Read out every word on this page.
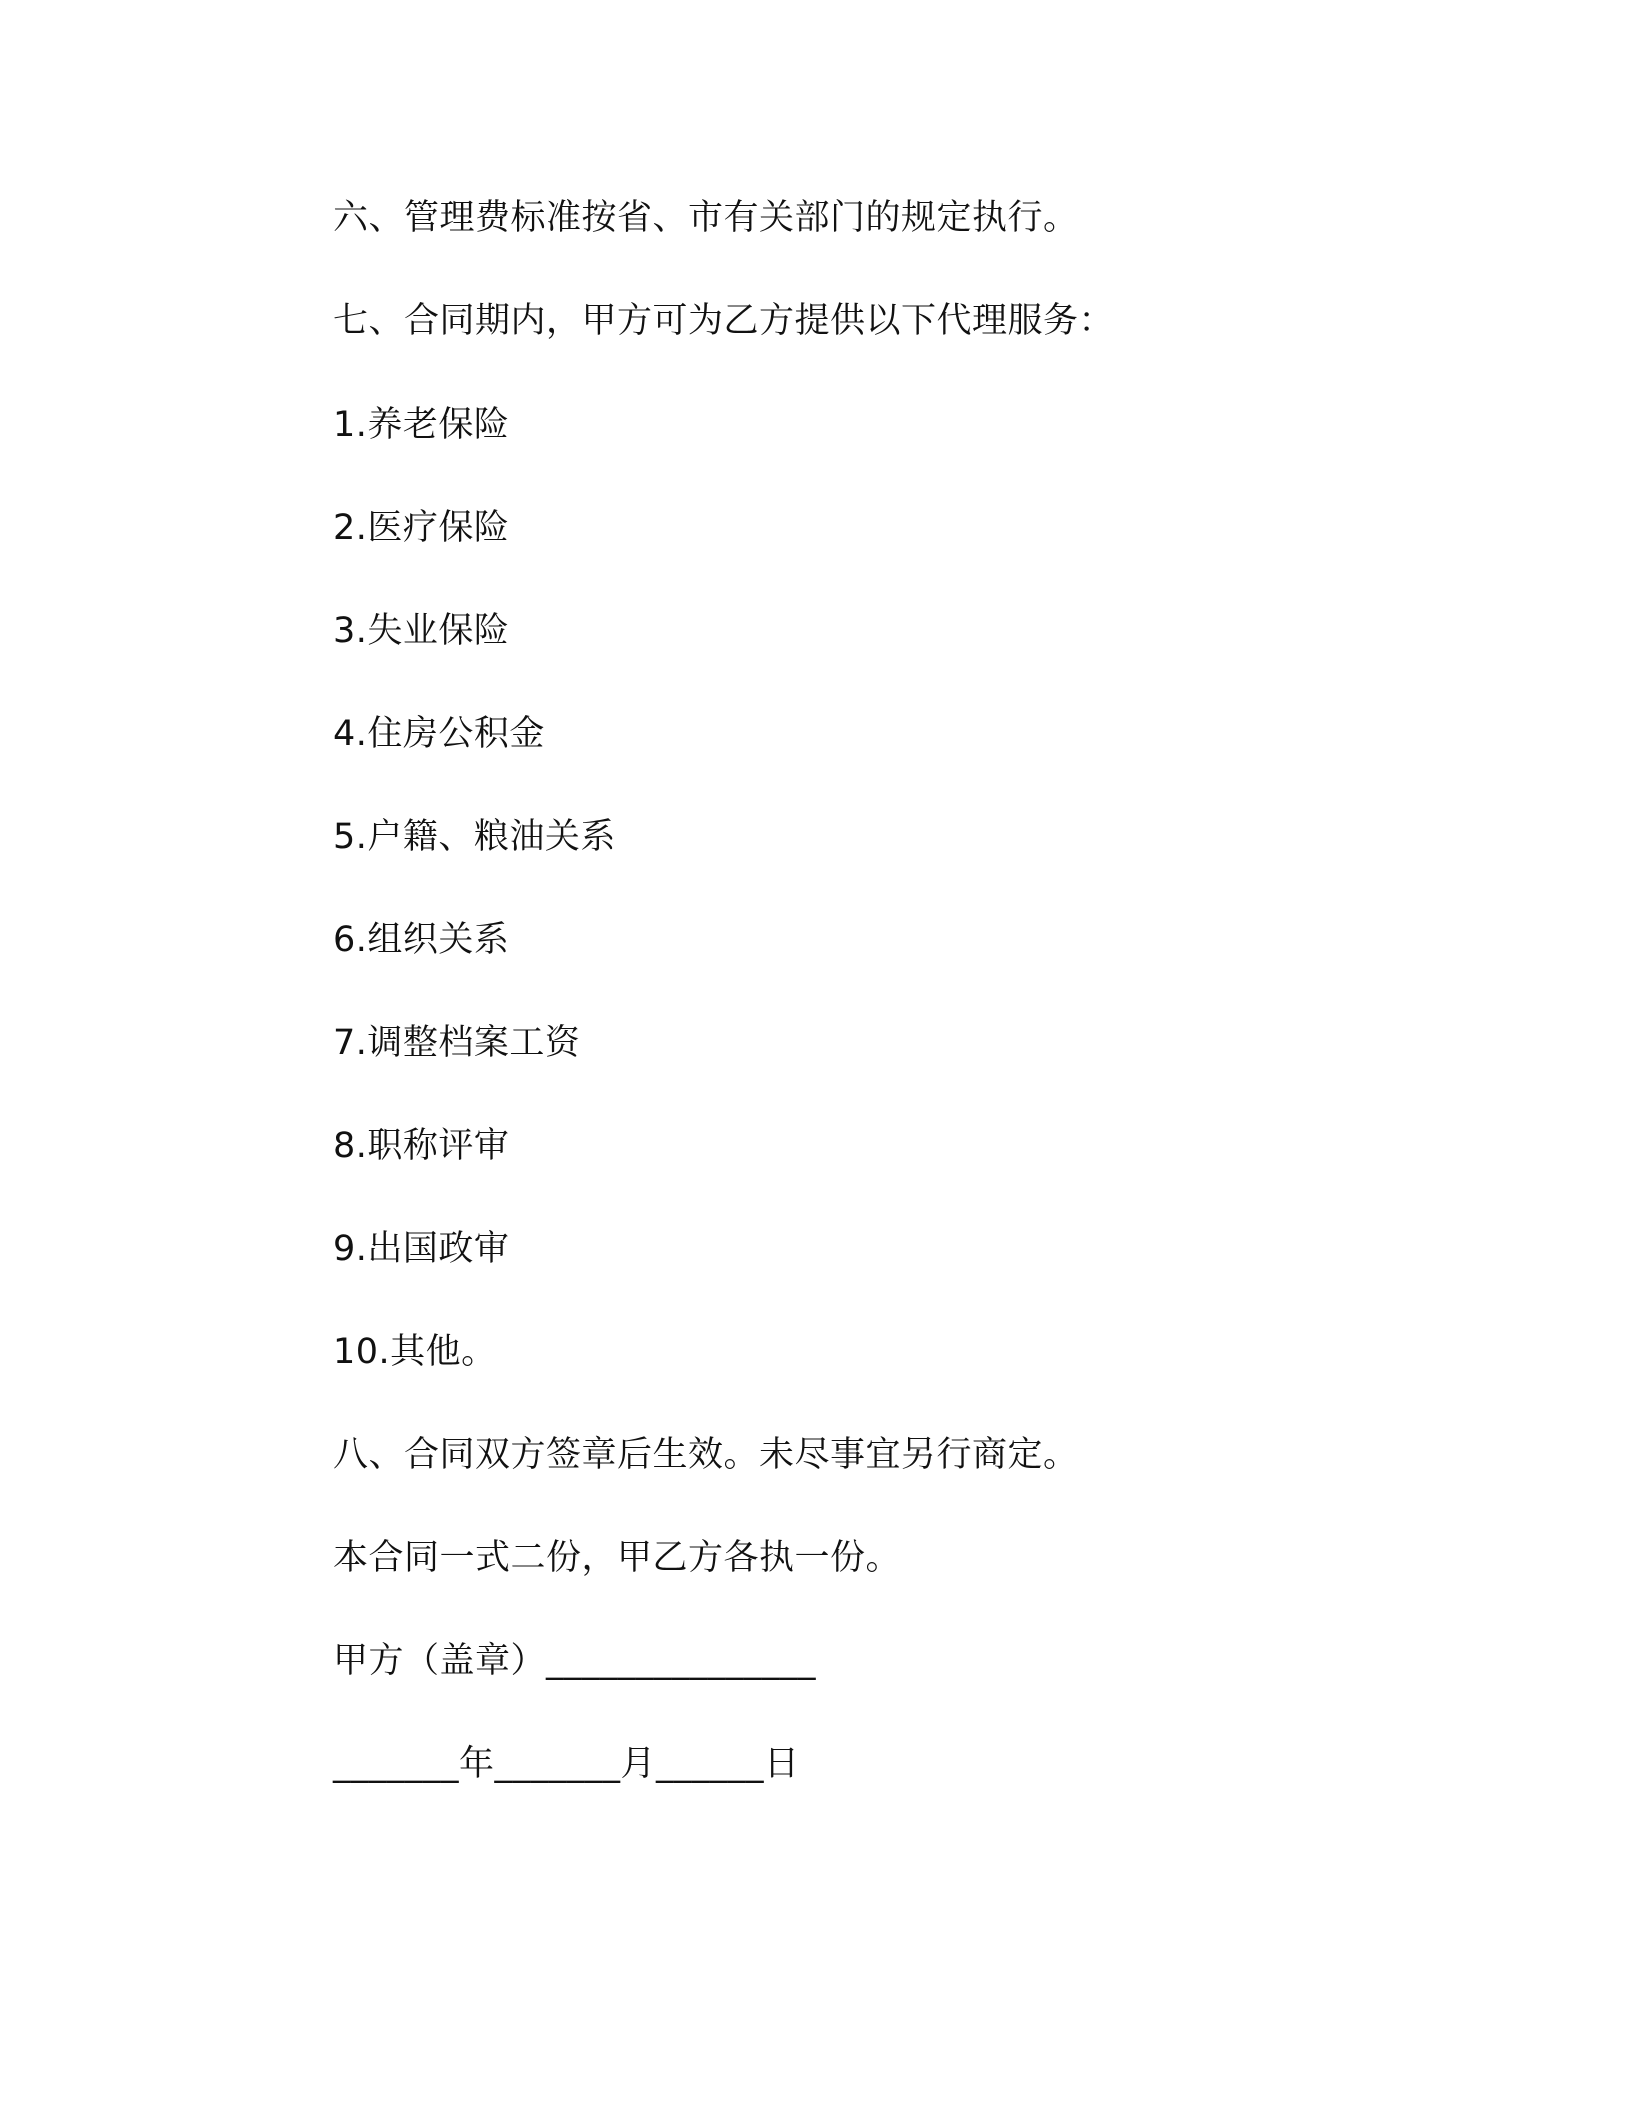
六、管理费标准按省、市有关部门的规定执行。
七、合同期内，甲方可为乙方提供以下代理服务：
1.养老保险
2.医疗保险
3.失业保险
4.住房公积金
5.户籍、粮油关系
6.组织关系
7.调整档案工资
8.职称评审
9.出国政审
10.其他。
八、合同双方签章后生效。未尽事宜另行商定。
本合同一式二份，甲乙方各执一份。
甲方（盖章）_______________
_______年_______月______日
